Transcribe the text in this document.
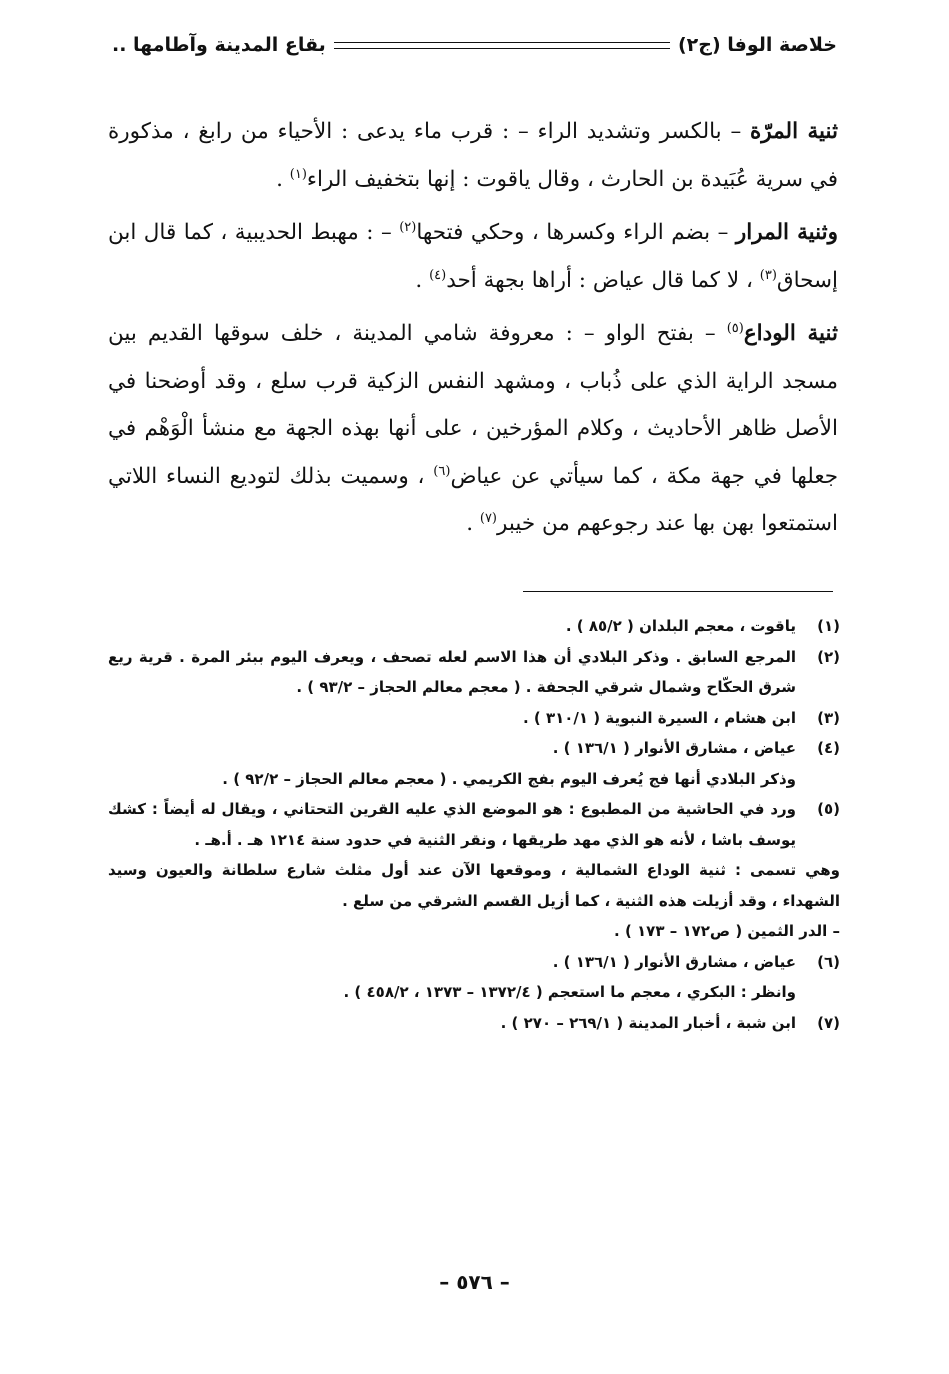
خلاصة الوفا (ج٢)
بقاع المدينة وآطامها ..

ثنية المرّة – بالكسر وتشديد الراء – : قرب ماء يدعى : الأحياء من رابغ ، مذكورة في سرية عُبَيدة بن الحارث ، وقال ياقوت : إنها بتخفيف الراء$^{(١)}$ .

وثنية المرار – بضم الراء وكسرها ، وحكي فتحها$^{(٢)}$ – : مهبط الحديبية ، كما قال ابن إسحاق$^{(٣)}$ ، لا كما قال عياض : أراها بجهة أحد$^{(٤)}$ .

ثنية الوداع$^{(٥)}$ – بفتح الواو – : معروفة شامي المدينة ، خلف سوقها القديم بين مسجد الراية الذي على ذُباب ، ومشهد النفس الزكية قرب سلع ، وقد أوضحنا في الأصل ظاهر الأحاديث ، وكلام المؤرخين ، على أنها بهذه الجهة مع منشأ الْوَهْم في جعلها في جهة مكة ، كما سيأتي عن عياض$^{(٦)}$ ، وسميت بذلك لتوديع النساء اللاتي استمتعوا بهن بها عند رجوعهم من خيبر$^{(٧)}$ .

(١)
ياقوت ، معجم البلدان ( ٨٥/٢ ) .
(٢)
المرجع السابق . وذكر البلادي أن هذا الاسم لعله تصحف ، ويعرف اليوم ببئر المرة . قرية ريع شرق الحكّاح وشمال شرقي الجحفة . ( معجم معالم الحجاز – ٩٣/٢ ) .
(٣)
ابن هشام ، السيرة النبوية ( ٣١٠/١ ) .
(٤)
عياض ، مشارق الأنوار ( ١٣٦/١ ) .
وذكر البلادي أنها فج يُعرف اليوم بفج الكريمي . ( معجم معالم الحجاز – ٩٢/٢ ) .
(٥)
ورد في الحاشية من المطبوع : هو الموضع الذي عليه القرين التحتاني ، ويقال له أيضاً : كشك يوسف باشا ، لأنه هو الذي مهد طريقها ، ونقر الثنية في حدود سنة ١٢١٤ هـ . أ.هـ .
وهي تسمى : ثنية الوداع الشمالية ، وموقعها الآن عند أول مثلث شارع سلطانة والعيون وسيد الشهداء ، وقد أزيلت هذه الثنية ، كما أزيل القسم الشرقي من سلع .
– الدر الثمين ( ص١٧٢ – ١٧٣ ) .
(٦)
عياض ، مشارق الأنوار ( ١٣٦/١ ) .
وانظر : البكري ، معجم ما استعجم ( ١٣٧٢/٤ – ١٣٧٣ ، ٤٥٨/٢ ) .
(٧)
ابن شبة ، أخبار المدينة ( ٢٦٩/١ – ٢٧٠ ) .
– ٥٧٦ –
